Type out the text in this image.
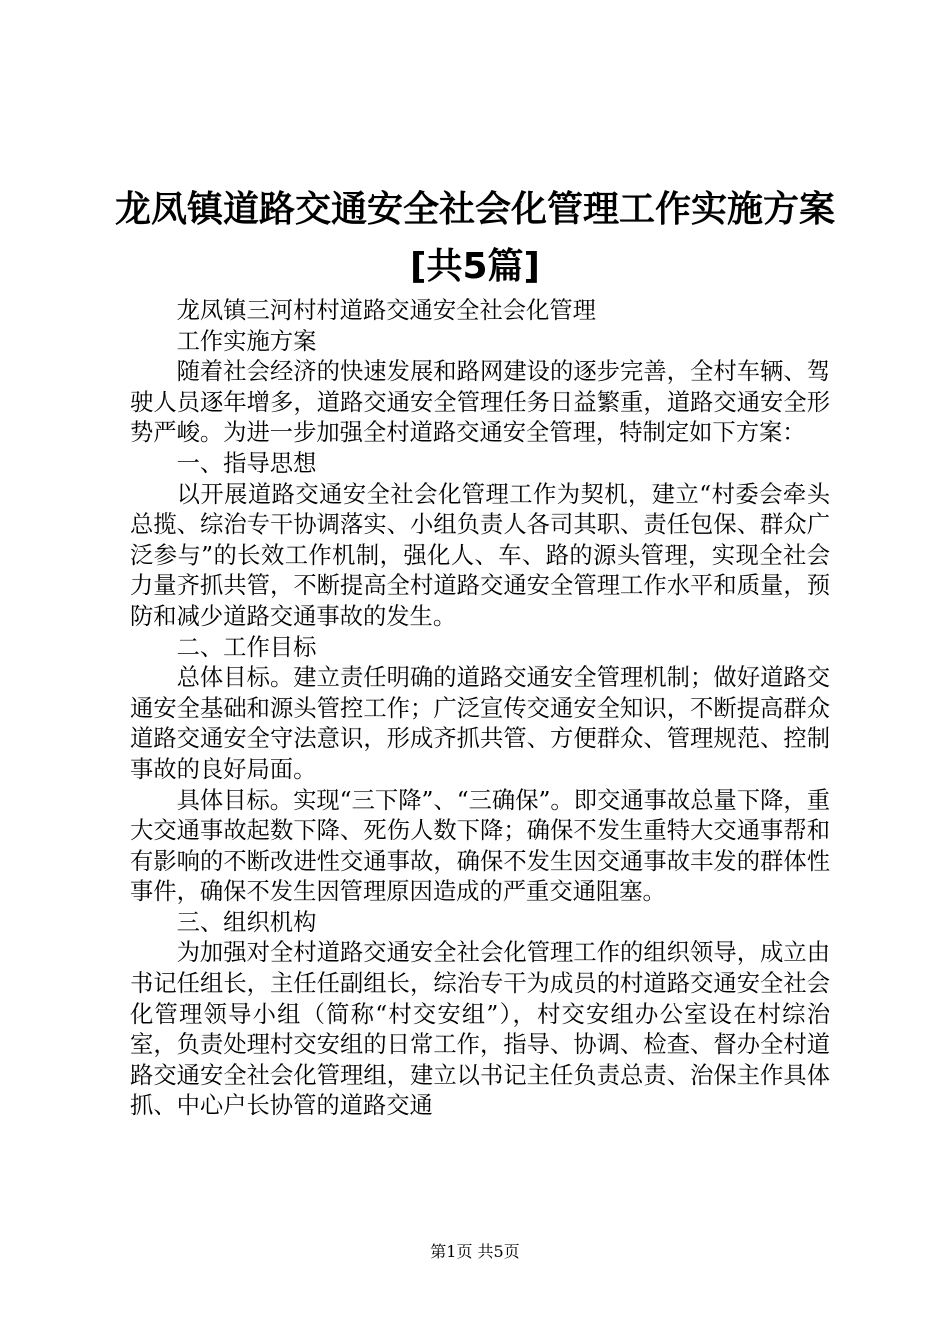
龙凤镇道路交通安全社会化管理工作实施方案
[共5篇]

龙凤镇三河村村道路交通安全社会化管理

工作实施方案

随着社会经济的快速发展和路网建设的逐步完善，全村车辆、驾驶人员逐年增多，道路交通安全管理任务日益繁重，道路交通安全形势严峻。为进一步加强全村道路交通安全管理，特制定如下方案：

一、指导思想

以开展道路交通安全社会化管理工作为契机，建立“村委会牵头总揽、综治专干协调落实、小组负责人各司其职、责任包保、群众广泛参与”的长效工作机制，强化人、车、路的源头管理，实现全社会力量齐抓共管，不断提高全村道路交通安全管理工作水平和质量，预防和减少道路交通事故的发生。

二、工作目标

总体目标。建立责任明确的道路交通安全管理机制；做好道路交通安全基础和源头管控工作；广泛宣传交通安全知识，不断提高群众道路交通安全守法意识，形成齐抓共管、方便群众、管理规范、控制事故的良好局面。

具体目标。实现“三下降”、“三确保”。即交通事故总量下降，重大交通事故起数下降、死伤人数下降；确保不发生重特大交通事帮和有影响的不断改进性交通事故，确保不发生因交通事故丰发的群体性事件，确保不发生因管理原因造成的严重交通阻塞。

三、组织机构

为加强对全村道路交通安全社会化管理工作的组织领导，成立由书记任组长，主任任副组长，综治专干为成员的村道路交通安全社会化管理领导小组（简称“村交安组”），村交安组办公室设在村综治室，负责处理村交安组的日常工作，指导、协调、检查、督办全村道路交通安全社会化管理组，建立以书记主任负责总责、治保主作具体抓、中心户长协管的道路交通

第1页 共5页
